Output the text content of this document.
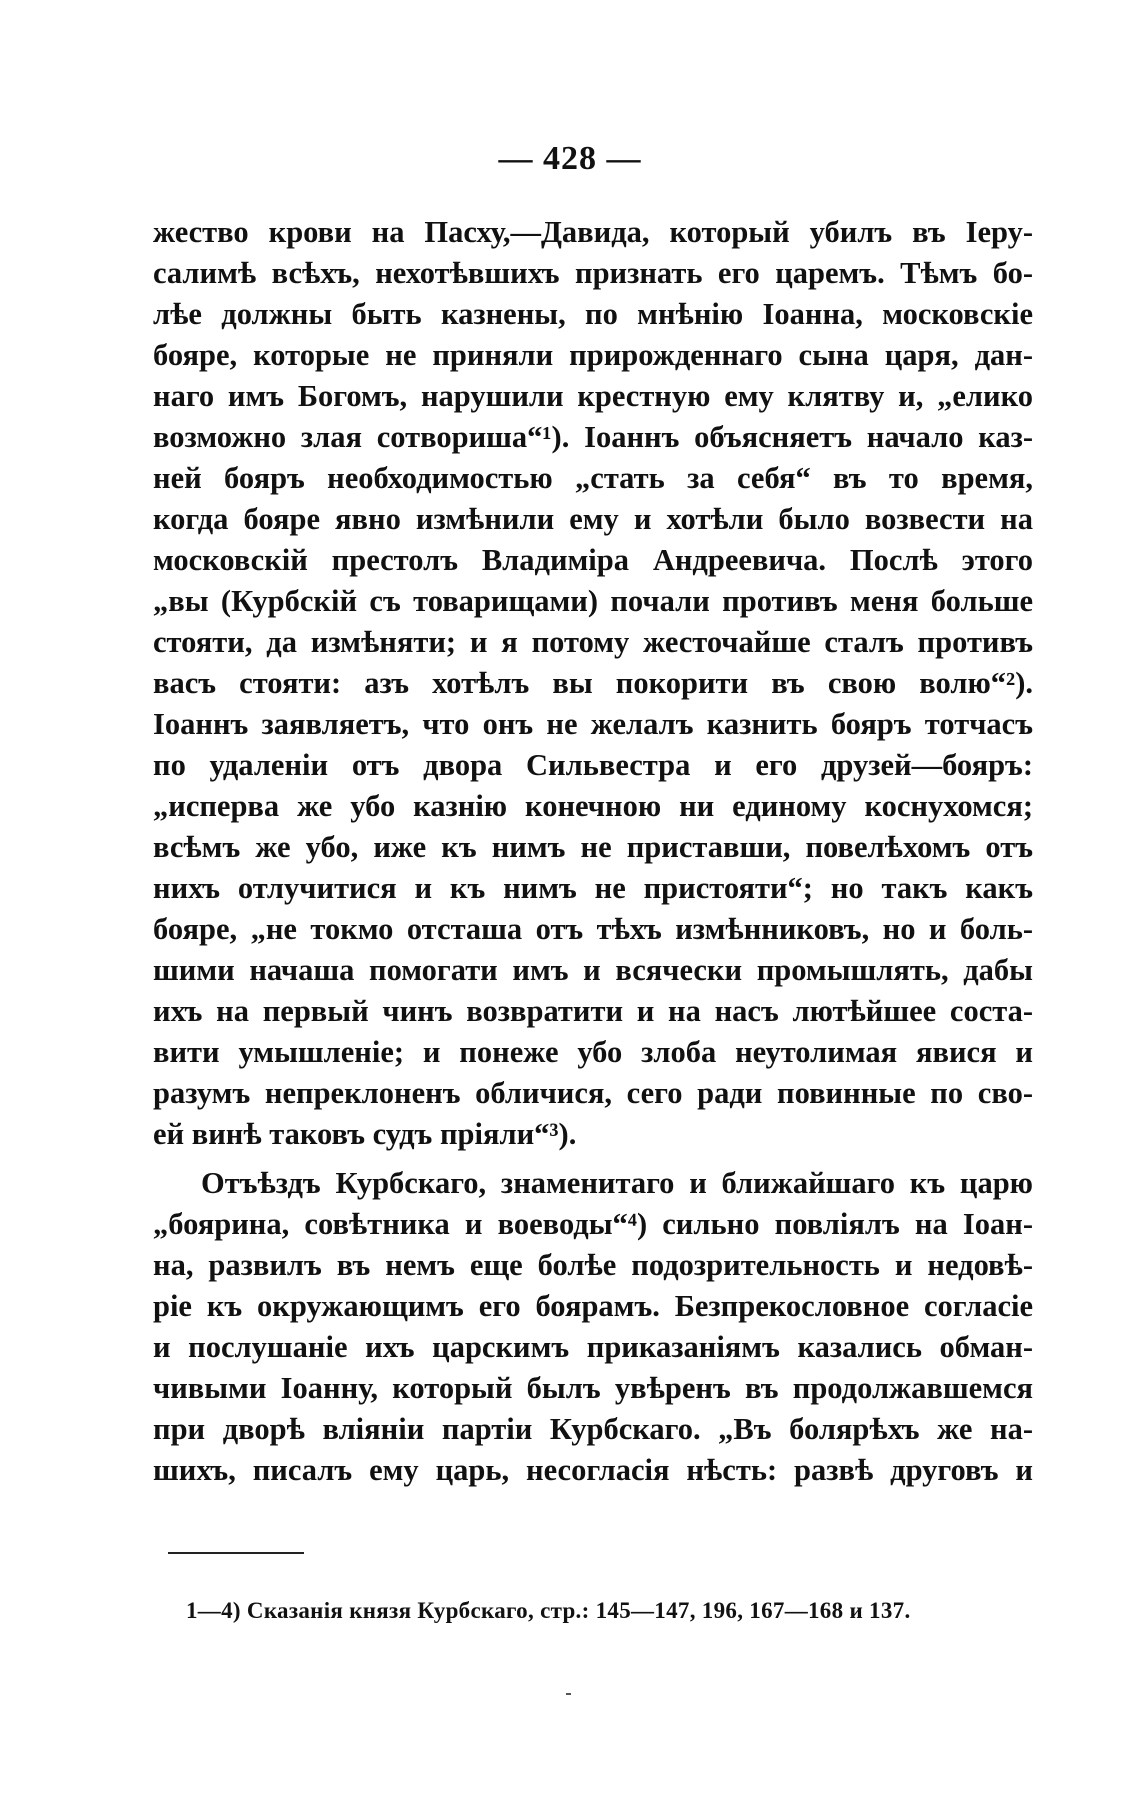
— 428 —
жество крови на Пасху,—Давида, который убилъ въ Іеру-
салимѣ всѣхъ, нехотѣвшихъ признать его царемъ. Тѣмъ бо-
лѣе должны быть казнены, по мнѣнію Іоанна, московскіе
бояре, которые не приняли прирожденнаго сына царя, дан-
наго имъ Богомъ, нарушили крестную ему клятву и, „елико
возможно злая сотвориша“¹). Іоаннъ объясняетъ начало каз-
ней бояръ необходимостью „стать за себя“ въ то время,
когда бояре явно измѣнили ему и хотѣли было возвести на
московскій престолъ Владиміра Андреевича. Послѣ этого
„вы (Курбскій съ товарищами) почали противъ меня больше
стояти, да измѣняти; и я потому жесточайше сталъ противъ
васъ стояти: азъ хотѣлъ вы покорити въ свою волю“²).
Іоаннъ заявляетъ, что онъ не желалъ казнить бояръ тотчасъ
по удаленіи отъ двора Сильвестра и его друзей—бояръ:
„исперва же убо казнію конечною ни единому коснухомся;
всѣмъ же убо, иже къ нимъ не приставши, повелѣхомъ отъ
нихъ отлучитися и къ нимъ не пристояти“; но такъ какъ
бояре, „не токмо отсташа отъ тѣхъ измѣнниковъ, но и боль-
шими начаша помогати имъ и всячески промышлять, дабы
ихъ на первый чинъ возвратити и на насъ лютѣйшее соста-
вити умышленіе; и понеже убо злоба неутолимая явися и
разумъ непреклоненъ обличися, сего ради повинные по сво-
ей винѣ таковъ судъ пріяли“³).
Отъѣздъ Курбскаго, знаменитаго и ближайшаго къ царю
„боярина, совѣтника и воеводы“⁴) сильно повліялъ на Іоан-
на, развилъ въ немъ еще болѣе подозрительность и недовѣ-
ріе къ окружающимъ его боярамъ. Безпрекословное согласіе
и послушаніе ихъ царскимъ приказаніямъ казались обман-
чивыми Іоанну, который былъ увѣренъ въ продолжавшемся
при дворѣ вліяніи партіи Курбскаго. „Въ болярѣхъ же на-
шихъ, писалъ ему царь, несогласія нѣсть: развѣ друговъ и
1—4) Сказанія князя Курбскаго, стр.: 145—147, 196, 167—168 и 137.
